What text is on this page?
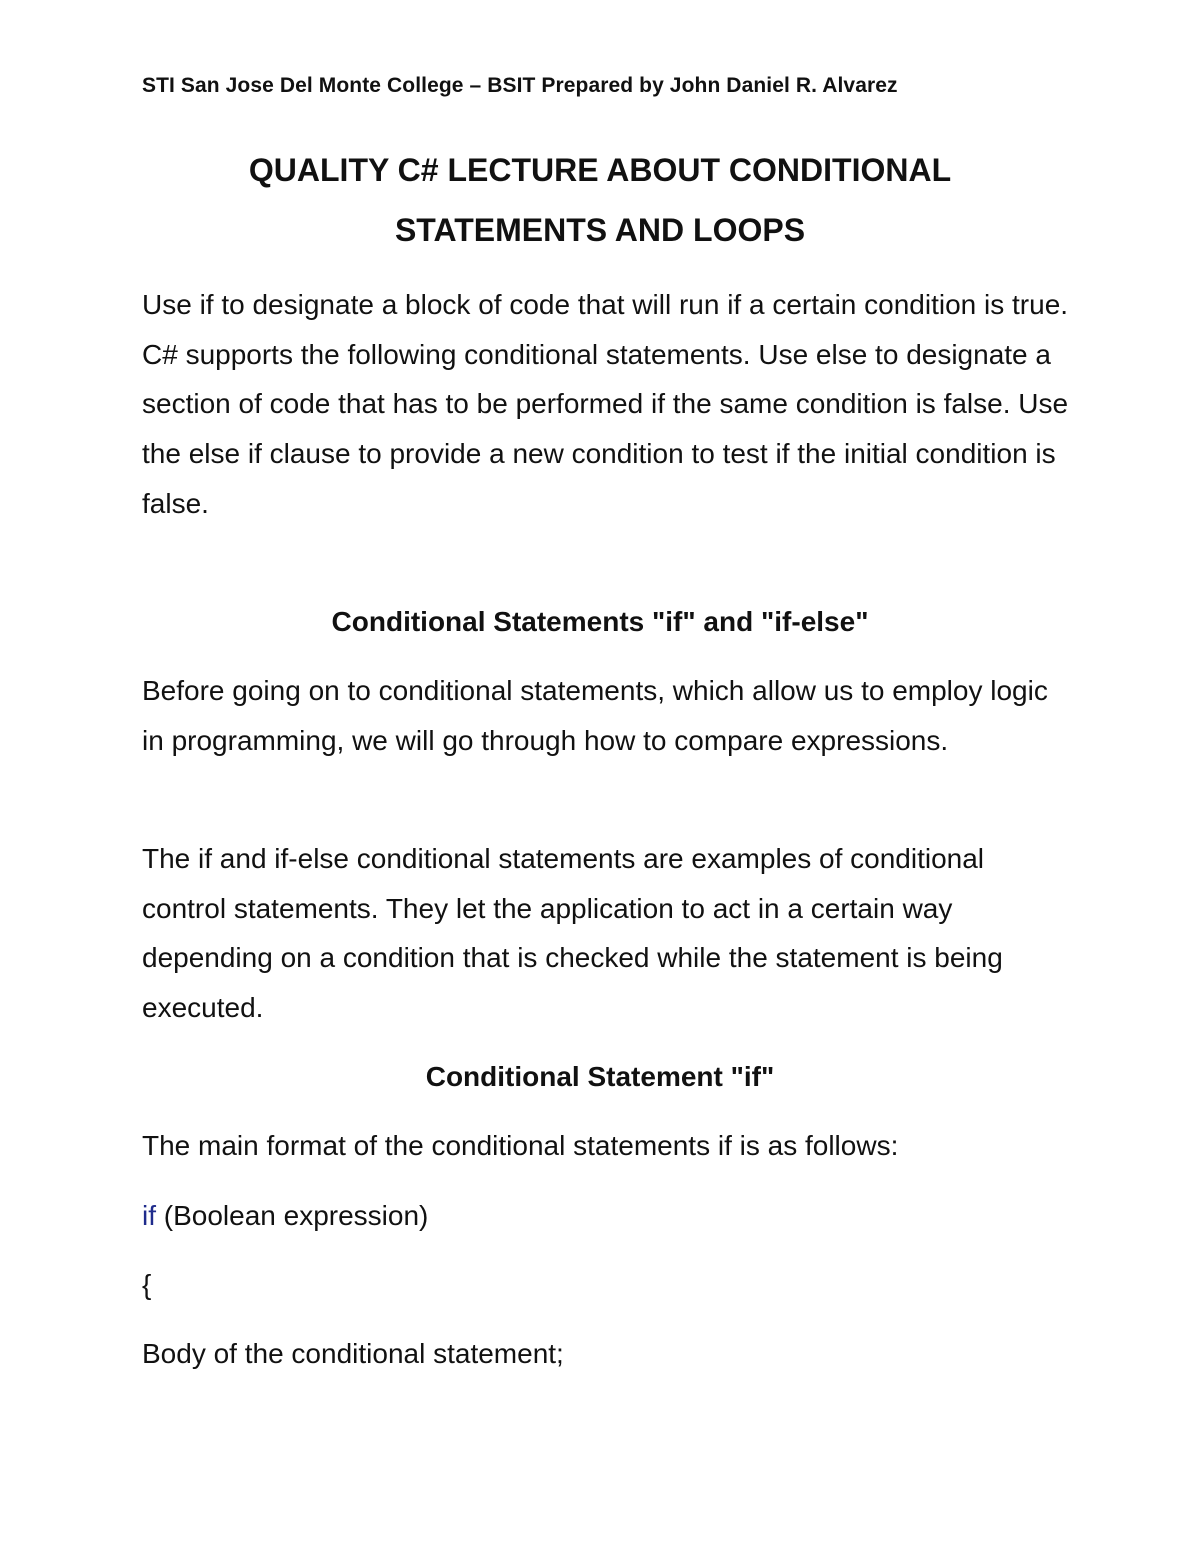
STI San Jose Del Monte College – BSIT Prepared by John Daniel R. Alvarez
QUALITY C# LECTURE ABOUT CONDITIONAL
STATEMENTS AND LOOPS
Use if to designate a block of code that will run if a certain condition is true. C# supports the following conditional statements. Use else to designate a section of code that has to be performed if the same condition is false. Use the else if clause to provide a new condition to test if the initial condition is false.
Conditional Statements "if" and "if-else"
Before going on to conditional statements, which allow us to employ logic in programming, we will go through how to compare expressions.
The if and if-else conditional statements are examples of conditional control statements. They let the application to act in a certain way depending on a condition that is checked while the statement is being executed.
Conditional Statement "if"
The main format of the conditional statements if is as follows:
if (Boolean expression)
{
Body of the conditional statement;
